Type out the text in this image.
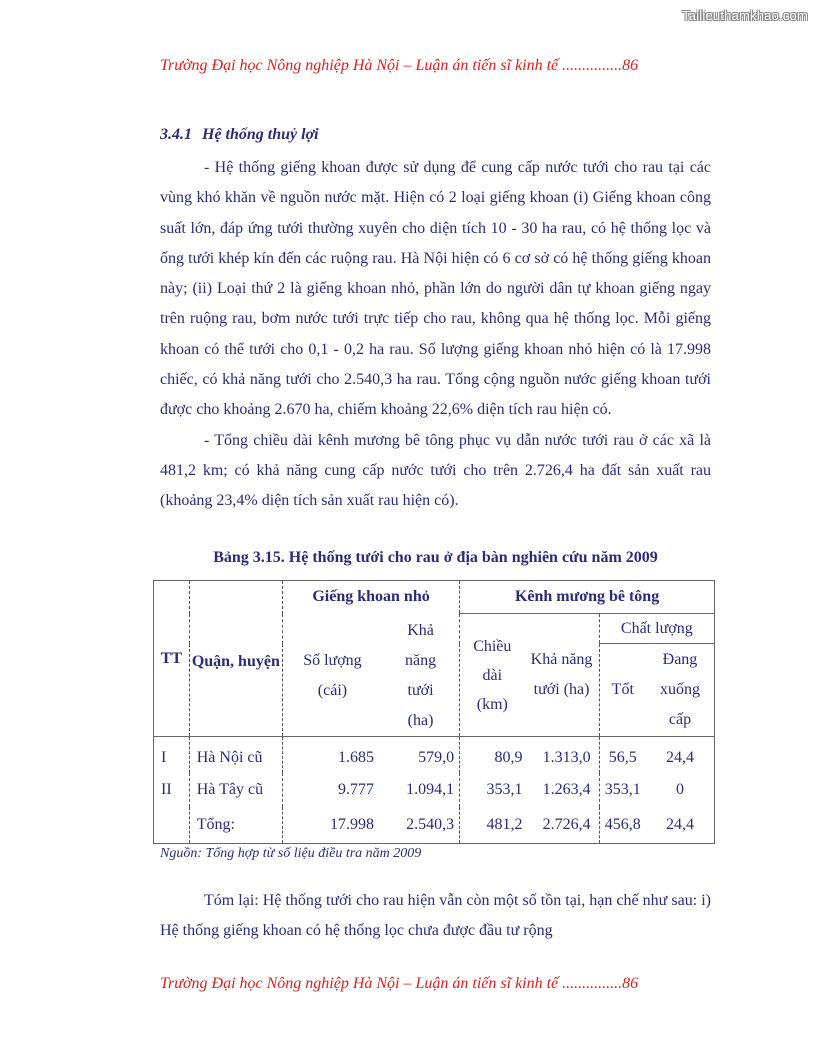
Tailieuthamkhao.com
Trường Đại học Nông nghiệp Hà Nội – Luận án tiến sĩ kinh tế ...............86
3.4.1 Hệ thống thuỷ lợi

- Hệ thống giếng khoan được sử dụng để cung cấp nước tưới cho rau tại các vùng khó khăn về nguồn nước mặt. Hiện có 2 loại giếng khoan (i) Giếng khoan công suất lớn, đáp ứng tưới thường xuyên cho diện tích 10 - 30 ha rau, có hệ thống lọc và ống tưới khép kín đến các ruộng rau. Hà Nội hiện có 6 cơ sở có hệ thống giếng khoan này; (ii) Loại thứ 2 là giếng khoan nhỏ, phần lớn do người dân tự khoan giếng ngay trên ruộng rau, bơm nước tưới trực tiếp cho rau, không qua hệ thống lọc. Mỗi giếng khoan có thể tưới cho 0,1 - 0,2 ha rau. Số lượng giếng khoan nhỏ hiện có là 17.998 chiếc, có khả năng tưới cho 2.540,3 ha rau. Tổng cộng nguồn nước giếng khoan tưới được cho khoảng 2.670 ha, chiếm khoảng 22,6% diện tích rau hiện có.

- Tổng chiều dài kênh mương bê tông phục vụ dẫn nước tưới rau ở các xã là 481,2 km; có khả năng cung cấp nước tưới cho trên 2.726,4 ha đất sản xuất rau (khoảng 23,4% diện tích sản xuất rau hiện có).

Bảng 3.15. Hệ thống tưới cho rau ở địa bàn nghiên cứu năm 2009
TT	Quận, huyện	Giếng khoan nhỏ		Kênh mương bê tông			
		Số lượng (cái)	Khả năng tưới (ha)	Chiều dài (km)	Khả năng tưới (ha)	Chất lượng	
						Tốt	Đang xuống cấp
I	Hà Nội cũ	1.685	579,0	80,9	1.313,0	56,5	24,4
II	Hà Tây cũ	9.777	1.094,1	353,1	1.263,4	353,1	0
	Tổng:	17.998	2.540,3	481,2	2.726,4	456,8	24,4
Nguồn: Tổng hợp từ số liệu điều tra năm 2009

Tóm lại: Hệ thống tưới cho rau hiện vẫn còn một số tồn tại, hạn chế như sau: i) Hệ thống giếng khoan có hệ thống lọc chưa được đầu tư rộng

Trường Đại học Nông nghiệp Hà Nội – Luận án tiến sĩ kinh tế ...............86
